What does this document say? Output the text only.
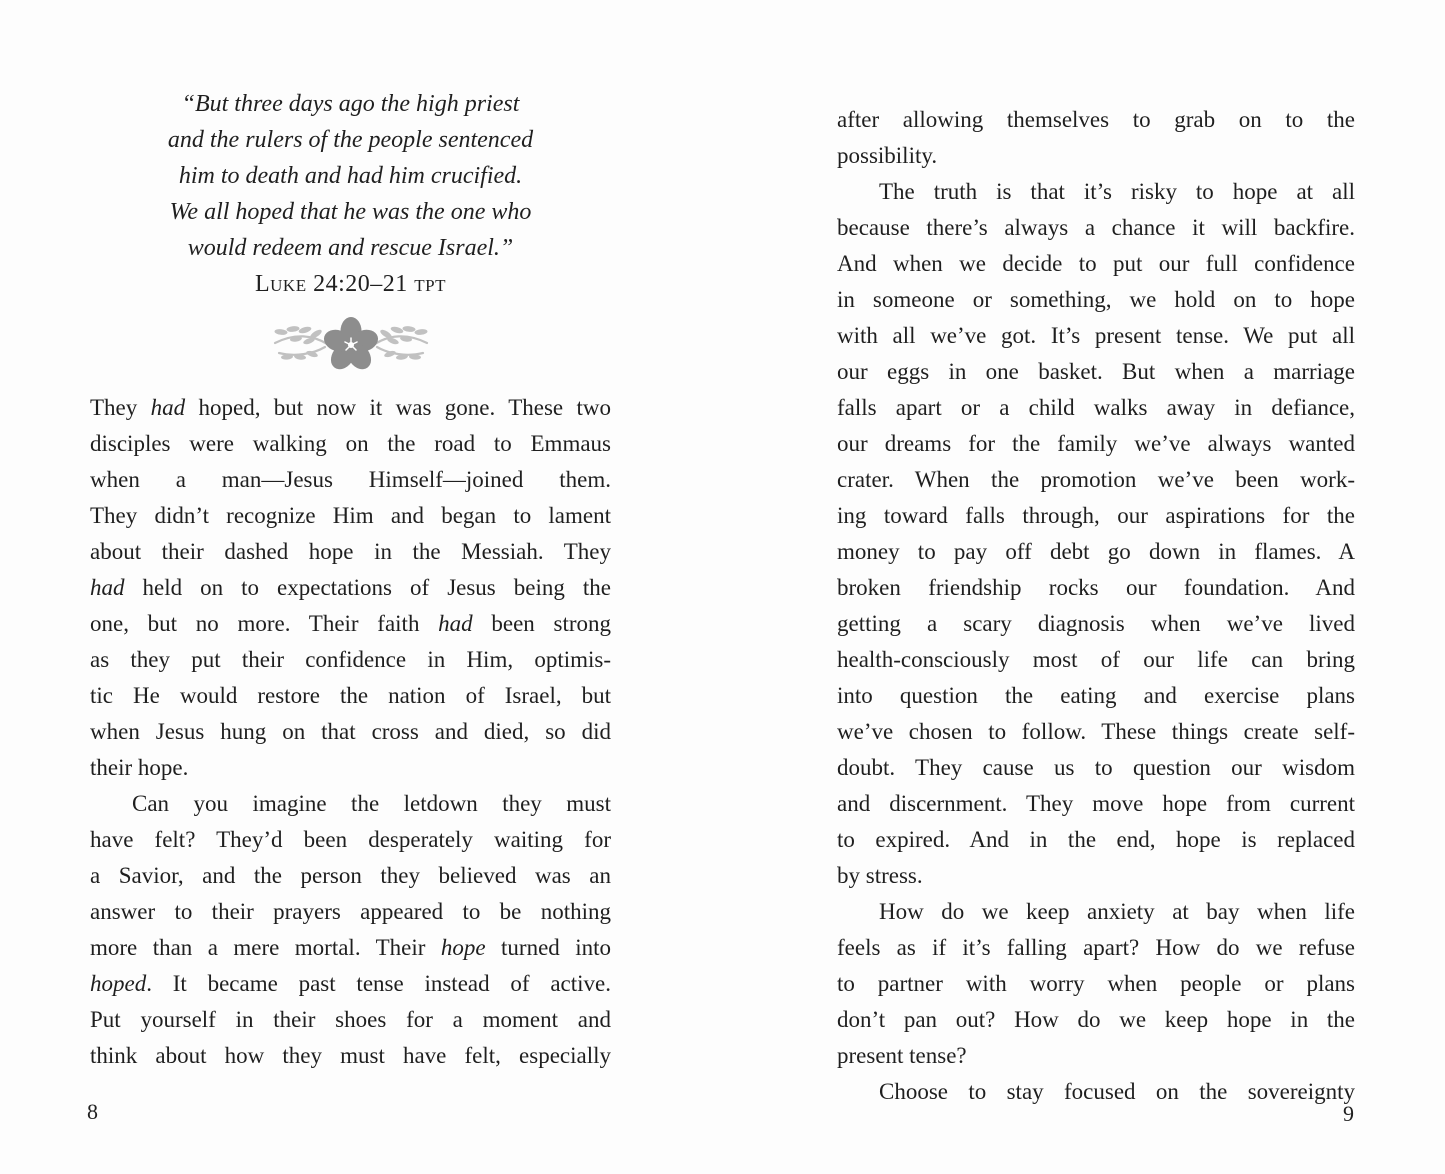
“But three days ago the high priest
and the rulers of the people sentenced
him to death and had him crucified.
We all hoped that he was the one who
would redeem and rescue Israel.”
Luke 24:20–21 tpt
They had hoped, but now it was gone. These two
disciples were walking on the road to Emmaus
when a man—Jesus Himself—joined them.
They didn’t recognize Him and began to lament
about their dashed hope in the Messiah. They
had held on to expectations of Jesus being the
one, but no more. Their faith had been strong
as they put their confidence in Him, optimis-
tic He would restore the nation of Israel, but
when Jesus hung on that cross and died, so did
their hope.
Can you imagine the letdown they must
have felt? They’d been desperately waiting for
a Savior, and the person they believed was an
answer to their prayers appeared to be nothing
more than a mere mortal. Their hope turned into
hoped. It became past tense instead of active.
Put yourself in their shoes for a moment and
think about how they must have felt, especially
8
after allowing themselves to grab on to the
possibility.
The truth is that it’s risky to hope at all
because there’s always a chance it will backfire.
And when we decide to put our full confidence
in someone or something, we hold on to hope
with all we’ve got. It’s present tense. We put all
our eggs in one basket. But when a marriage
falls apart or a child walks away in defiance,
our dreams for the family we’ve always wanted
crater. When the promotion we’ve been work-
ing toward falls through, our aspirations for the
money to pay off debt go down in flames. A
broken friendship rocks our foundation. And
getting a scary diagnosis when we’ve lived
health-consciously most of our life can bring
into question the eating and exercise plans
we’ve chosen to follow. These things create self-
doubt. They cause us to question our wisdom
and discernment. They move hope from current
to expired. And in the end, hope is replaced
by stress.
How do we keep anxiety at bay when life
feels as if it’s falling apart? How do we refuse
to partner with worry when people or plans
don’t pan out? How do we keep hope in the
present tense?
Choose to stay focused on the sovereignty
9
